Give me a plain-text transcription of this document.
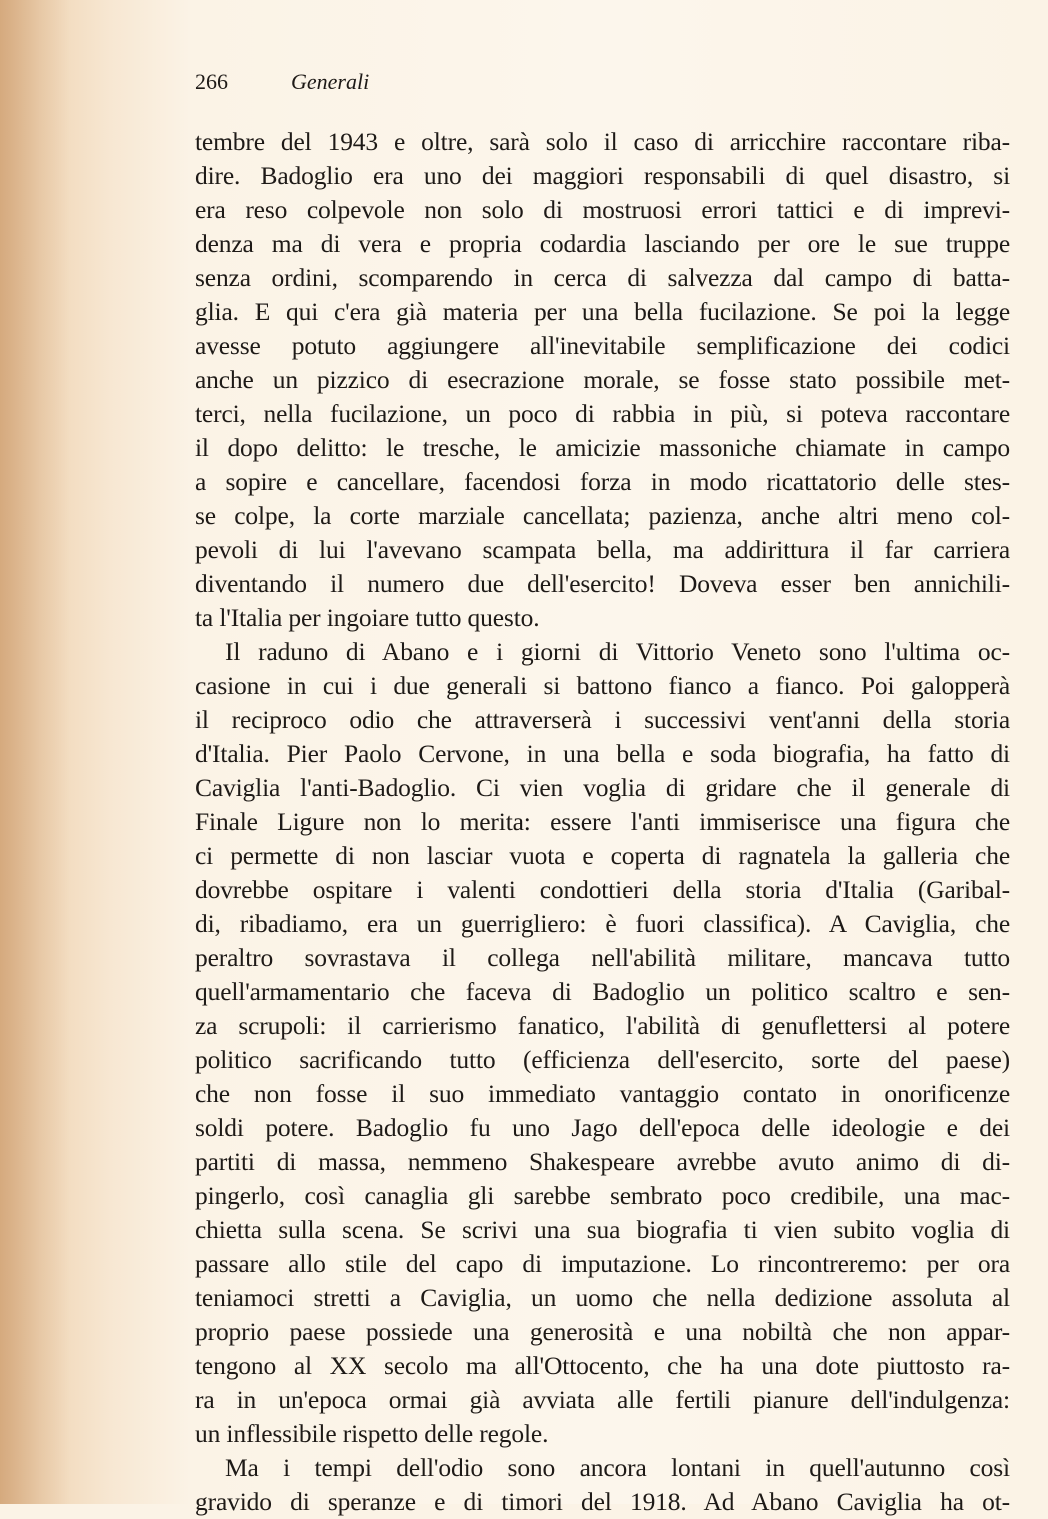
266	Generali
tembre del 1943 e oltre, sarà solo il caso di arricchire raccontare riba-
dire. Badoglio era uno dei maggiori responsabili di quel disastro, si
era reso colpevole non solo di mostruosi errori tattici e di imprevi-
denza ma di vera e propria codardia lasciando per ore le sue truppe
senza ordini, scomparendo in cerca di salvezza dal campo di batta-
glia. E qui c'era già materia per una bella fucilazione. Se poi la legge
avesse potuto aggiungere all'inevitabile semplificazione dei codici
anche un pizzico di esecrazione morale, se fosse stato possibile met-
terci, nella fucilazione, un poco di rabbia in più, si poteva raccontare
il dopo delitto: le tresche, le amicizie massoniche chiamate in campo
a sopire e cancellare, facendosi forza in modo ricattatorio delle stes-
se colpe, la corte marziale cancellata; pazienza, anche altri meno col-
pevoli di lui l'avevano scampata bella, ma addirittura il far carriera
diventando il numero due dell'esercito! Doveva esser ben annichili-
ta l'Italia per ingoiare tutto questo.
Il raduno di Abano e i giorni di Vittorio Veneto sono l'ultima oc-
casione in cui i due generali si battono fianco a fianco. Poi galopperà
il reciproco odio che attraverserà i successivi vent'anni della storia
d'Italia. Pier Paolo Cervone, in una bella e soda biografia, ha fatto di
Caviglia l'anti-Badoglio. Ci vien voglia di gridare che il generale di
Finale Ligure non lo merita: essere l'anti immiserisce una figura che
ci permette di non lasciar vuota e coperta di ragnatela la galleria che
dovrebbe ospitare i valenti condottieri della storia d'Italia (Garibal-
di, ribadiamo, era un guerrigliero: è fuori classifica). A Caviglia, che
peraltro sovrastava il collega nell'abilità militare, mancava tutto
quell'armamentario che faceva di Badoglio un politico scaltro e sen-
za scrupoli: il carrierismo fanatico, l'abilità di genuflettersi al potere
politico sacrificando tutto (efficienza dell'esercito, sorte del paese)
che non fosse il suo immediato vantaggio contato in onorificenze
soldi potere. Badoglio fu uno Jago dell'epoca delle ideologie e dei
partiti di massa, nemmeno Shakespeare avrebbe avuto animo di di-
pingerlo, così canaglia gli sarebbe sembrato poco credibile, una mac-
chietta sulla scena. Se scrivi una sua biografia ti vien subito voglia di
passare allo stile del capo di imputazione. Lo rincontreremo: per ora
teniamoci stretti a Caviglia, un uomo che nella dedizione assoluta al
proprio paese possiede una generosità e una nobiltà che non appar-
tengono al XX secolo ma all'Ottocento, che ha una dote piuttosto ra-
ra in un'epoca ormai già avviata alle fertili pianure dell'indulgenza:
un inflessibile rispetto delle regole.
Ma i tempi dell'odio sono ancora lontani in quell'autunno così
gravido di speranze e di timori del 1918. Ad Abano Caviglia ha ot-
